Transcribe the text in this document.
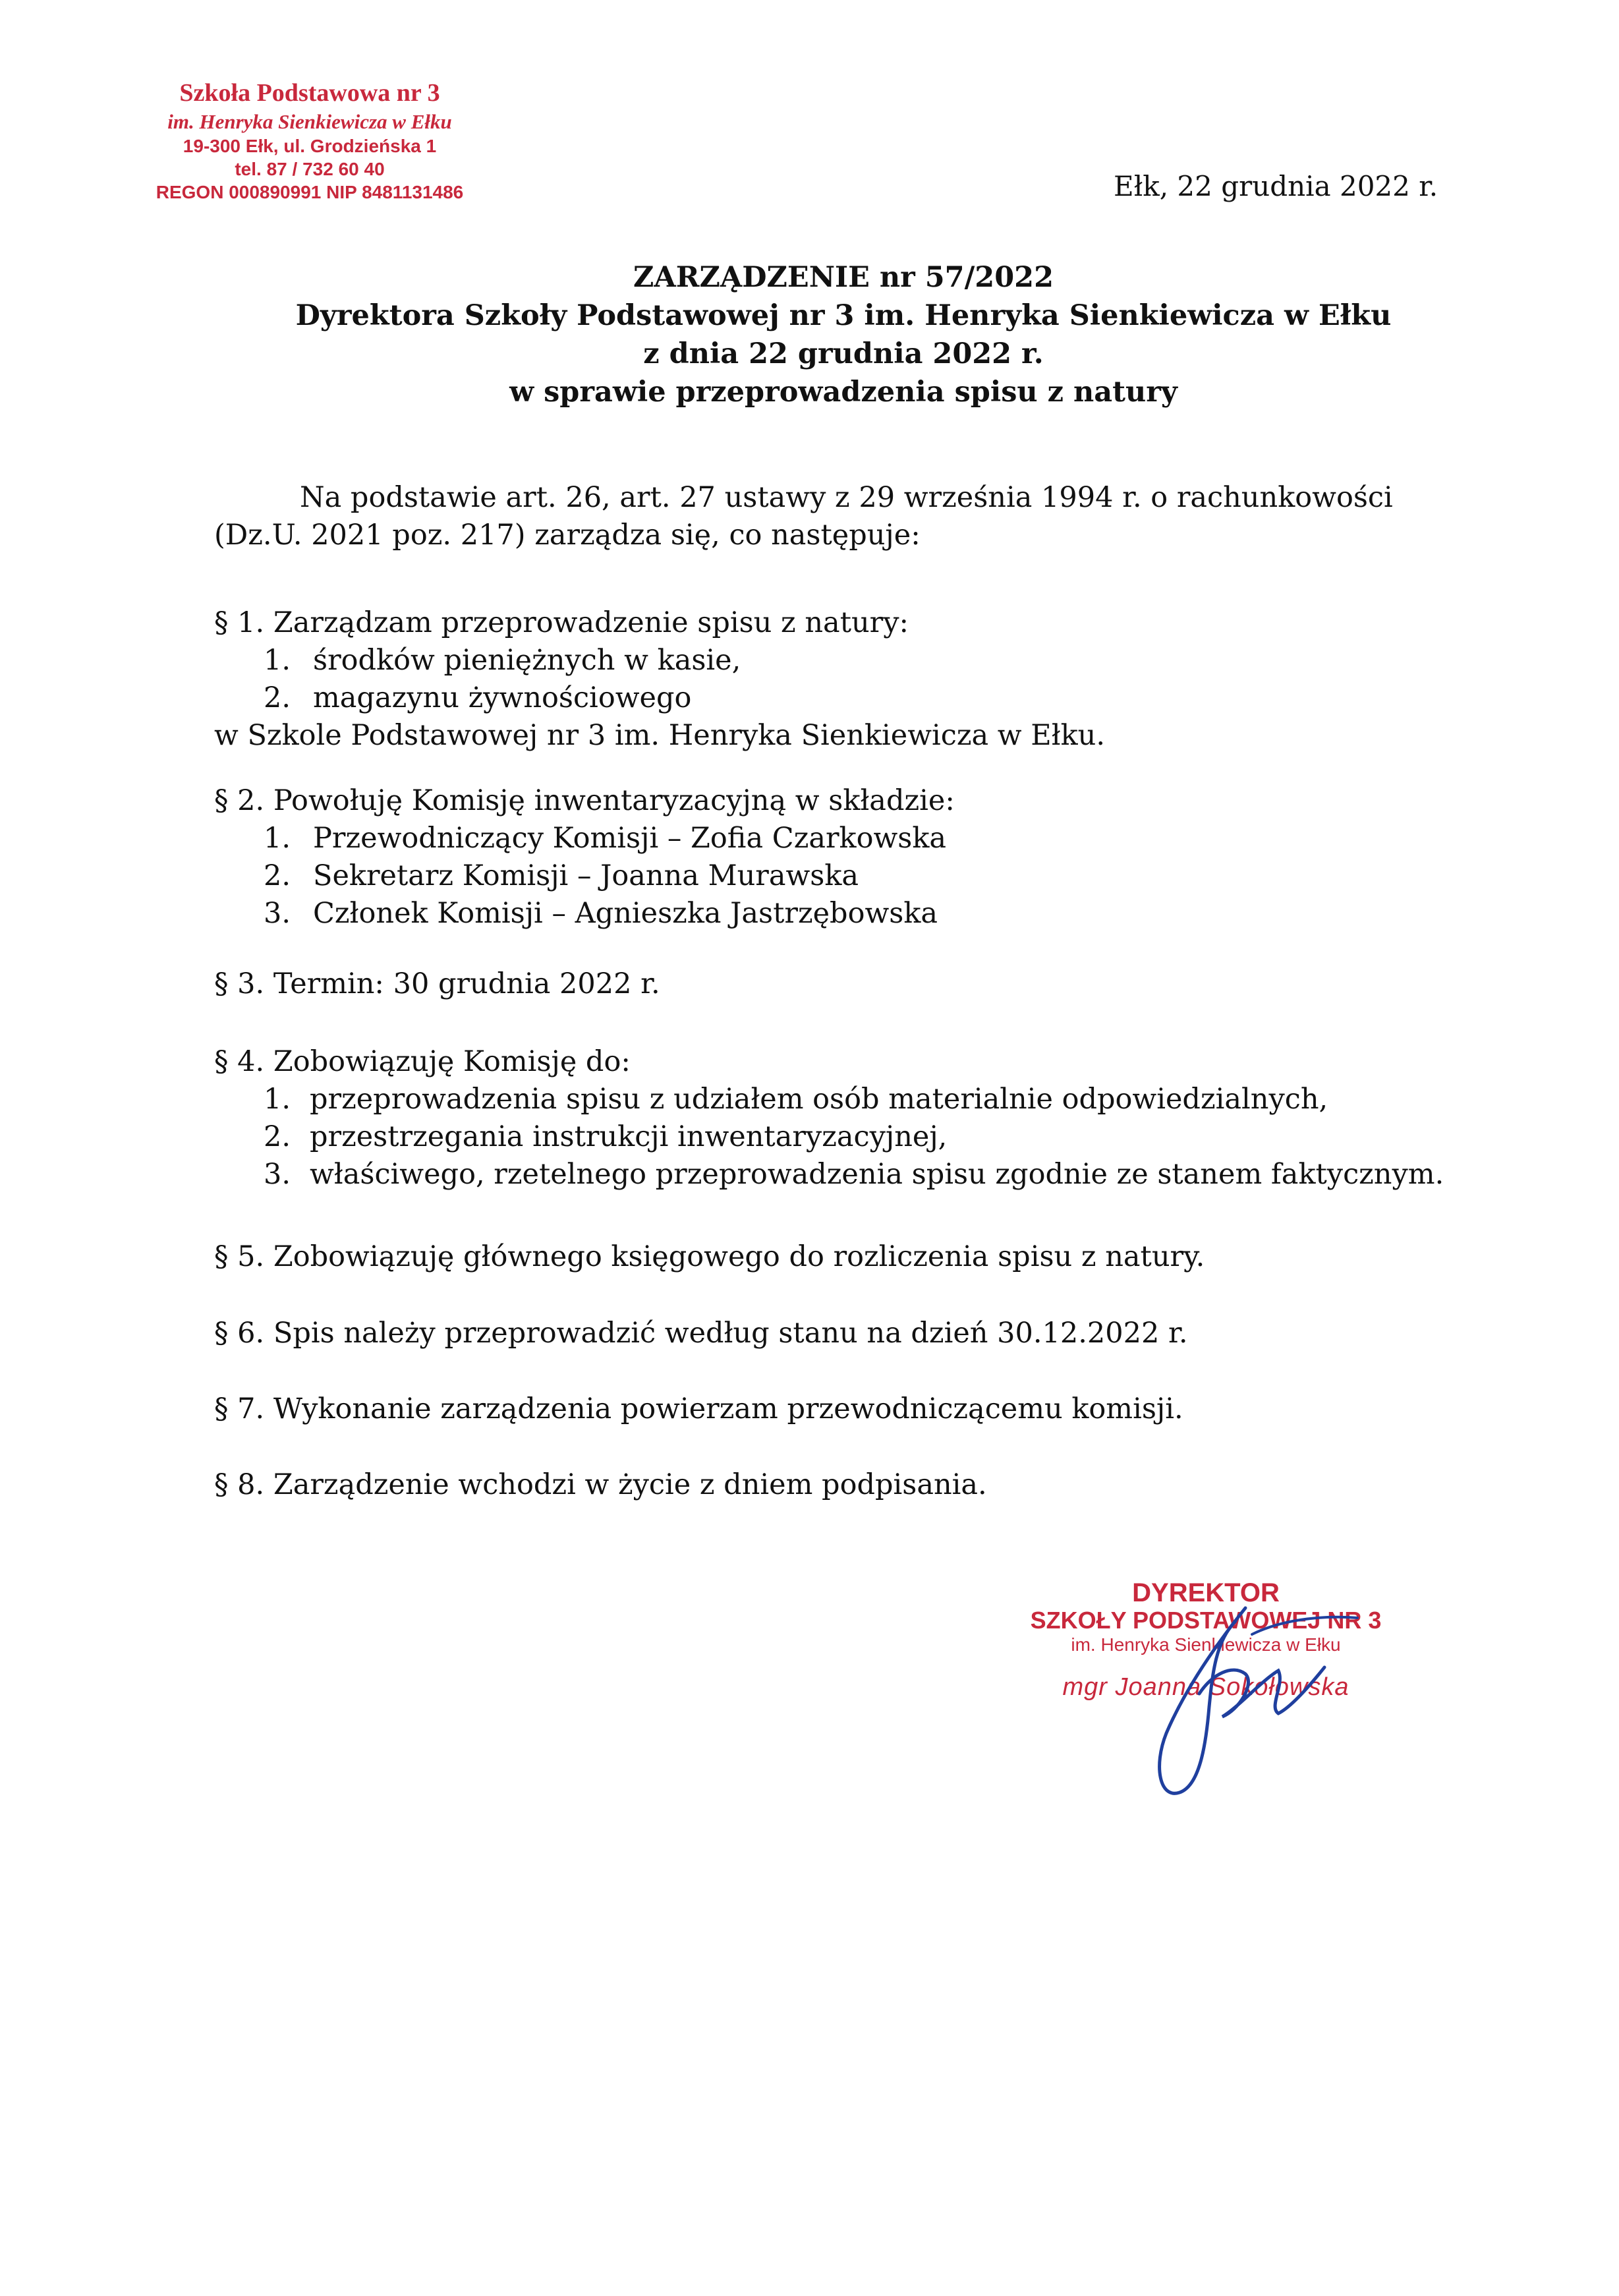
Szkoła Podstawowa nr 3
im. Henryka Sienkiewicza w Ełku
19-300 Ełk, ul. Grodzieńska 1
tel. 87 / 732 60 40
REGON 000890991 NIP 8481131486	Ełk, 22 grudnia 2022 r.
ZARZĄDZENIE nr 57/2022
Dyrektora Szkoły Podstawowej nr 3 im. Henryka Sienkiewicza w Ełku
z dnia 22 grudnia 2022 r.
w sprawie przeprowadzenia spisu z natury
Na podstawie art. 26, art. 27 ustawy z 29 września 1994 r. o rachunkowości
(Dz.U. 2021 poz. 217) zarządza się, co następuje:
§ 1. Zarządzam przeprowadzenie spisu z natury:
1. środków pieniężnych w kasie,
2. magazynu żywnościowego
w Szkole Podstawowej nr 3 im. Henryka Sienkiewicza w Ełku.
§ 2. Powołuję Komisję inwentaryzacyjną w składzie:
1. Przewodniczący Komisji – Zofia Czarkowska
2. Sekretarz Komisji – Joanna Murawska
3. Członek Komisji – Agnieszka Jastrzębowska
§ 3. Termin: 30 grudnia 2022 r.
§ 4. Zobowiązuję Komisję do:
1. przeprowadzenia spisu z udziałem osób materialnie odpowiedzialnych,
2. przestrzegania instrukcji inwentaryzacyjnej,
3. właściwego, rzetelnego przeprowadzenia spisu zgodnie ze stanem faktycznym.
§ 5. Zobowiązuję głównego księgowego do rozliczenia spisu z natury.
§ 6. Spis należy przeprowadzić według stanu na dzień 30.12.2022 r.
§ 7. Wykonanie zarządzenia powierzam przewodniczącemu komisji.
§ 8. Zarządzenie wchodzi w życie z dniem podpisania.
DYREKTOR
SZKOŁY PODSTAWOWEJ NR 3
im. Henryka Sienkiewicza w Ełku
mgr Joanna Sokołowska
